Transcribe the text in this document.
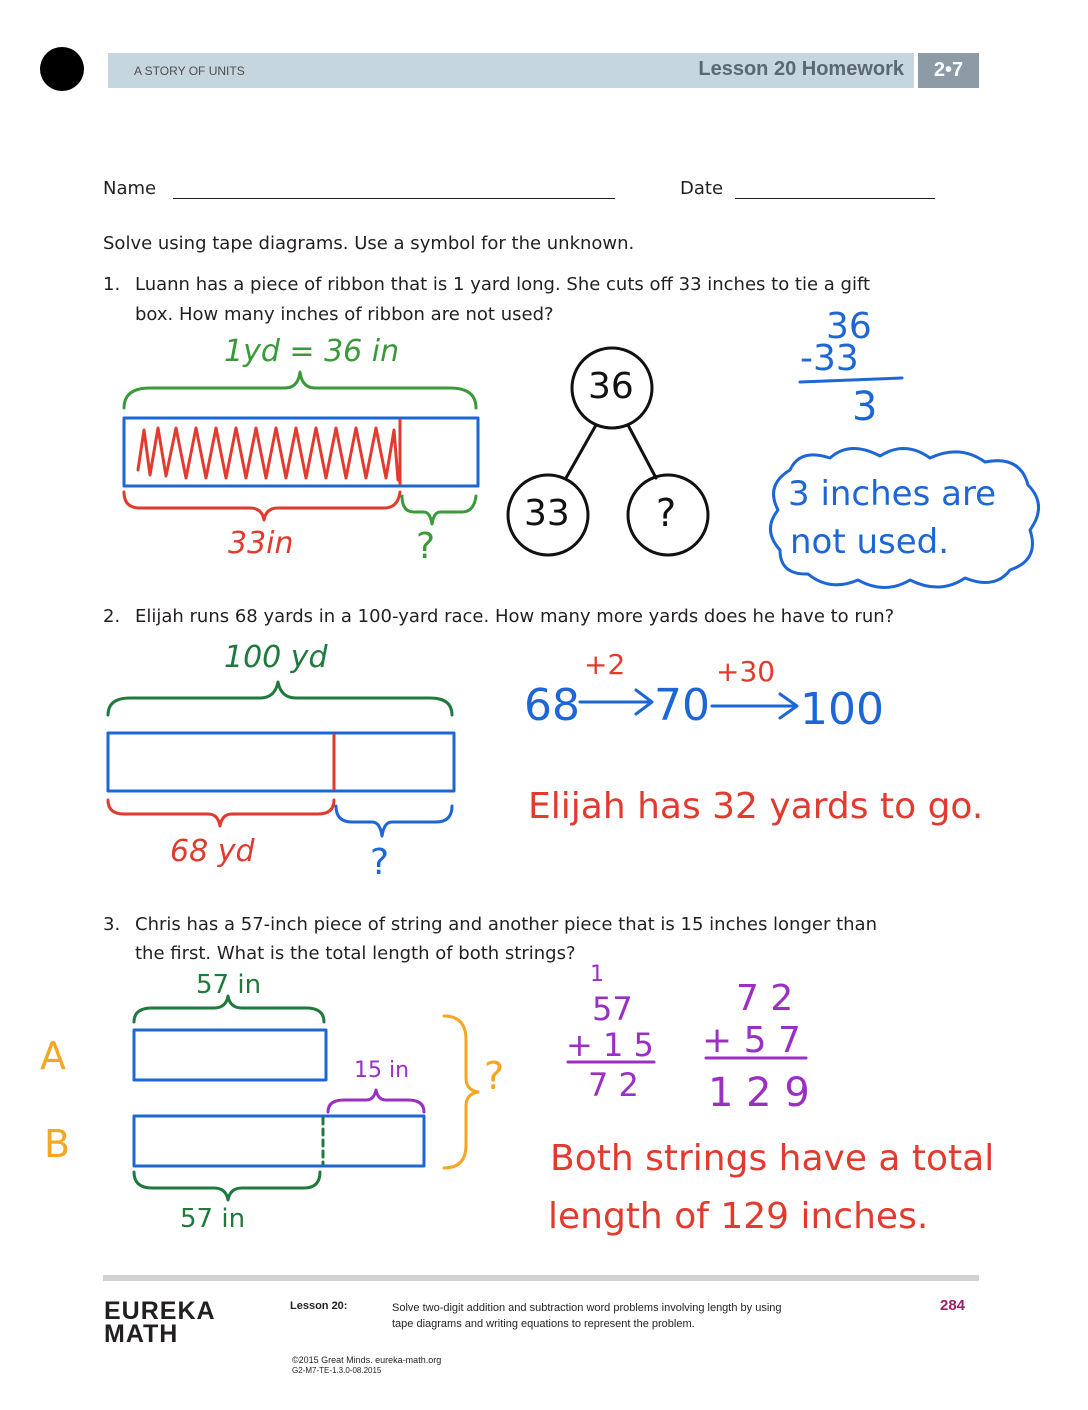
A STORY OF UNITS	Lesson 20 Homework	2•7
Name	Date
Solve using tape diagrams. Use a symbol for the unknown.
1. Luann has a piece of ribbon that is 1 yard long. She cuts off 33 inches to tie a gift
box. How many inches of ribbon are not used?
2. Elijah runs 68 yards in a 100-yard race. How many more yards does he have to run?
3. Chris has a 57-inch piece of string and another piece that is 15 inches longer than
the first. What is the total length of both strings?
1yd = 36 in
33in	?
36
33 ?
36
-33
3
3 inches are
not used.
100 yd
68 yd	?
68
+2
70
+30
100
Elijah has 32 yards to go.
A
B
57 in
15 in
57 in
?
1
57
+ 1 5
7 2
7 2
+ 5 7
1 2 9
Both strings have a total
length of 129 inches.
EUREKA
MATH
Lesson 20:	Solve two-digit addition and subtraction word problems involving length by using tape diagrams and writing equations to represent the problem.
©2015 Great Minds. eureka-math.org
G2-M7-TE-1.3.0-08.2015
284
